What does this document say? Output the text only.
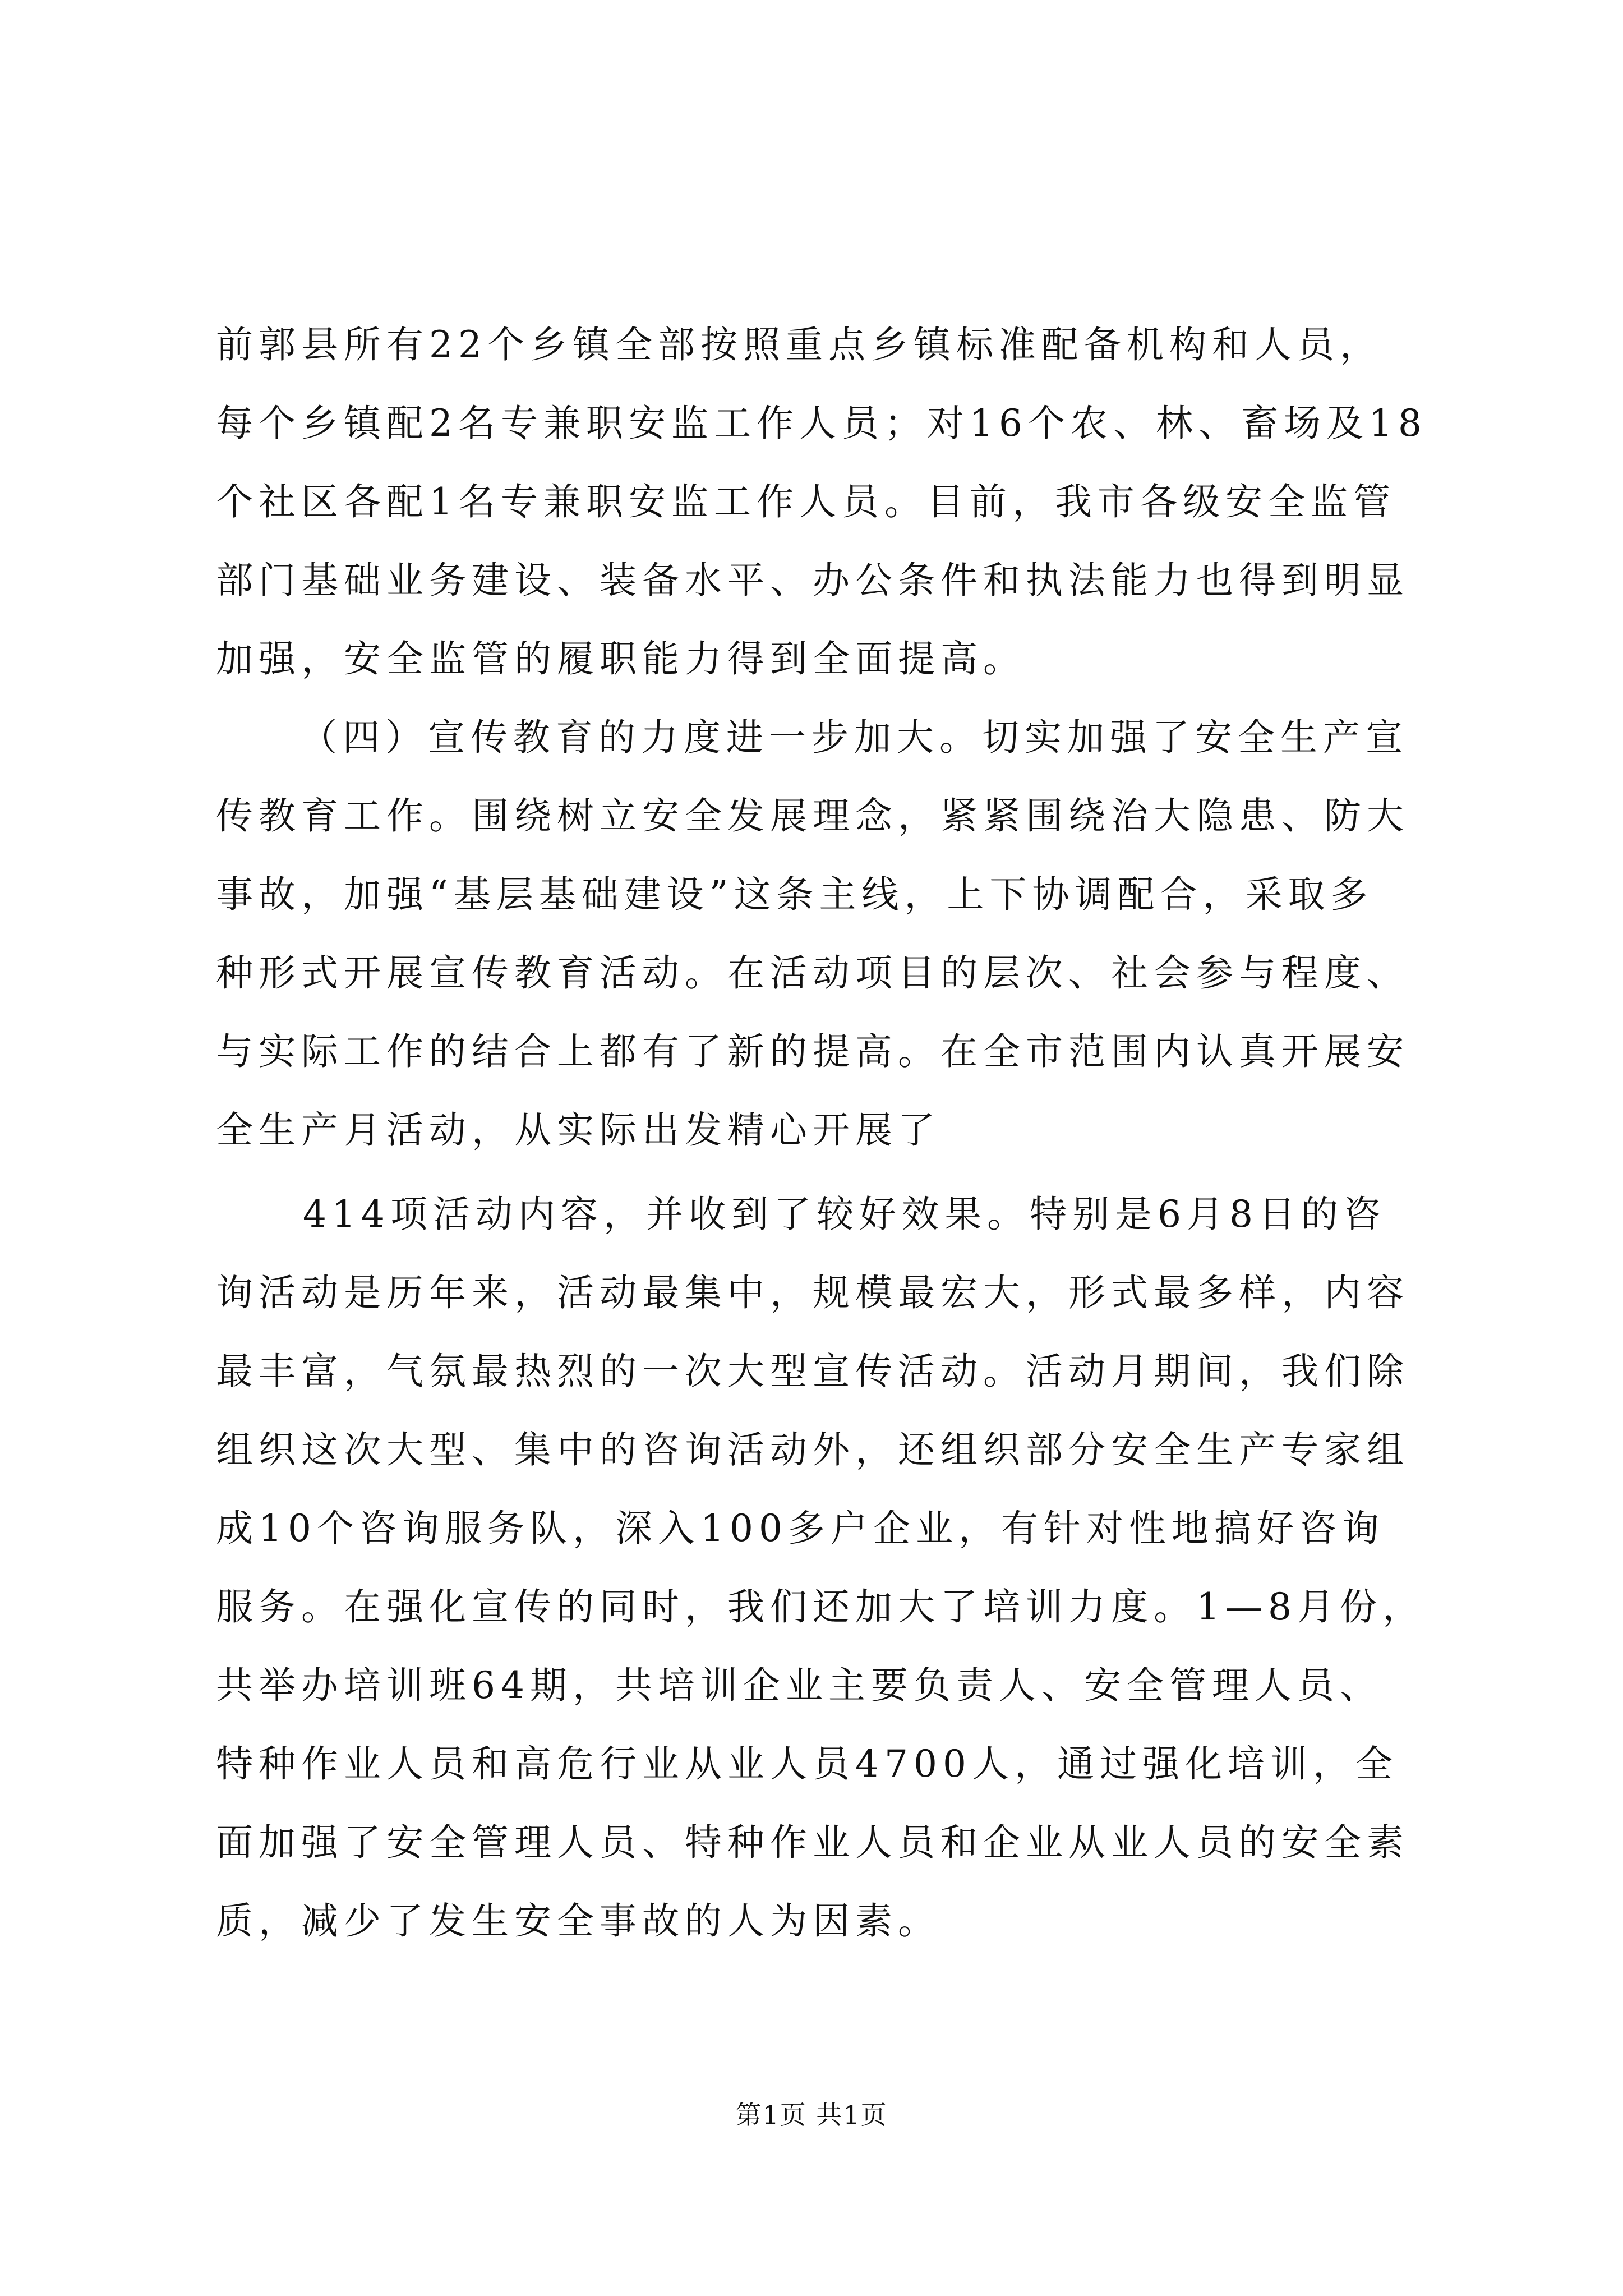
前郭县所有22个乡镇全部按照重点乡镇标准配备机构和人员，
每个乡镇配2名专兼职安监工作人员；对16个农、林、畜场及18
个社区各配1名专兼职安监工作人员。目前，我市各级安全监管
部门基础业务建设、装备水平、办公条件和执法能力也得到明显
加强，安全监管的履职能力得到全面提高。
（四）宣传教育的力度进一步加大。切实加强了安全生产宣
传教育工作。围绕树立安全发展理念，紧紧围绕治大隐患、防大
事故，加强“基层基础建设”这条主线，上下协调配合，采取多
种形式开展宣传教育活动。在活动项目的层次、社会参与程度、
与实际工作的结合上都有了新的提高。在全市范围内认真开展安
全生产月活动，从实际出发精心开展了
414项活动内容，并收到了较好效果。特别是6月8日的咨
询活动是历年来，活动最集中，规模最宏大，形式最多样，内容
最丰富，气氛最热烈的一次大型宣传活动。活动月期间，我们除
组织这次大型、集中的咨询活动外，还组织部分安全生产专家组
成10个咨询服务队，深入100多户企业，有针对性地搞好咨询
服务。在强化宣传的同时，我们还加大了培训力度。1—8月份，
共举办培训班64期，共培训企业主要负责人、安全管理人员、
特种作业人员和高危行业从业人员4700人，通过强化培训，全
面加强了安全管理人员、特种作业人员和企业从业人员的安全素
质，减少了发生安全事故的人为因素。
第1页 共1页
